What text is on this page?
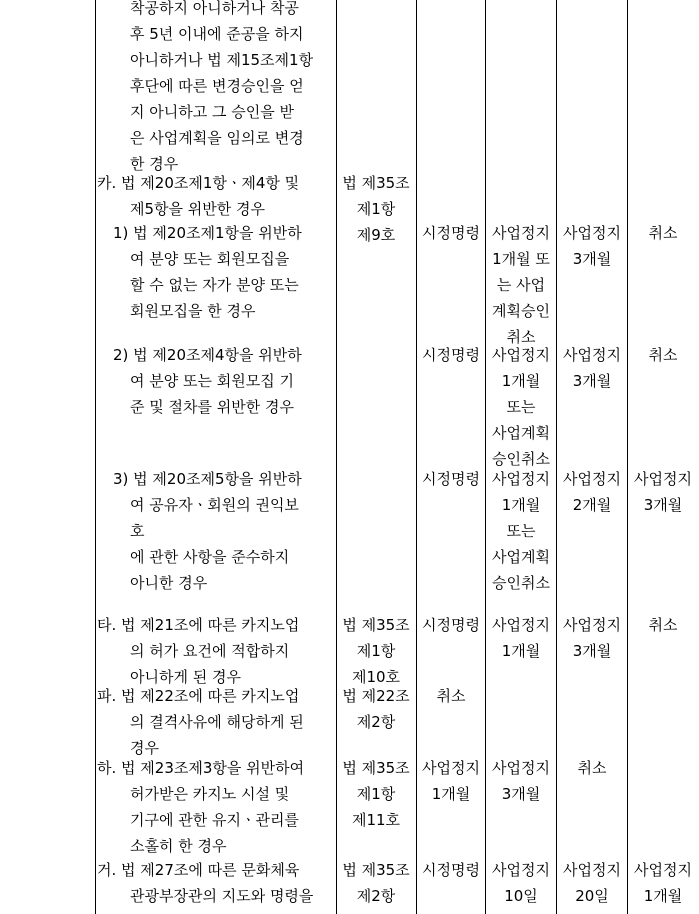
착공하지 아니하거나 착공
후 5년 이내에 준공을 하지
아니하거나 법 제15조제1항
후단에 따른 변경승인을 얻
지 아니하고 그 승인을 받
은 사업계획을 임의로 변경
한 경우
카. 법 제20조제1항ㆍ제4항 및
제5항을 위반한 경우
법 제35조
제1항
제9호
1) 법 제20조제1항을 위반하
여 분양 또는 회원모집을
할 수 없는 자가 분양 또는
회원모집을 한 경우
시정명령 사업정지
1개월 또
는 사업
계획승인
취소
사업정지
3개월
취소
2) 법 제20조제4항을 위반하
여 분양 또는 회원모집 기
준 및 절차를 위반한 경우
시정명령 사업정지
1개월
또는
사업계획
승인취소
사업정지
3개월
취소
3) 법 제20조제5항을 위반하
여 공유자ㆍ회원의 권익보
호
에 관한 사항을 준수하지
아니한 경우
시정명령 사업정지
1개월
또는
사업계획
승인취소
사업정지
2개월
사업정지
3개월
타. 법 제21조에 따른 카지노업
의 허가 요건에 적합하지
아니하게 된 경우
법 제35조
제1항
제10호
시정명령 사업정지
1개월
사업정지
3개월
취소
파. 법 제22조에 따른 카지노업
의 결격사유에 해당하게 된
경우
법 제22조
제2항
취소
하. 법 제23조제3항을 위반하여
허가받은 카지노 시설 및
기구에 관한 유지ㆍ관리를
소홀히 한 경우
법 제35조
제1항
제11호
사업정지
1개월
사업정지
3개월
취소
거. 법 제27조에 따른 문화체육
관광부장관의 지도와 명령을
법 제35조
제2항
시정명령 사업정지
10일
사업정지
20일
사업정지
1개월
